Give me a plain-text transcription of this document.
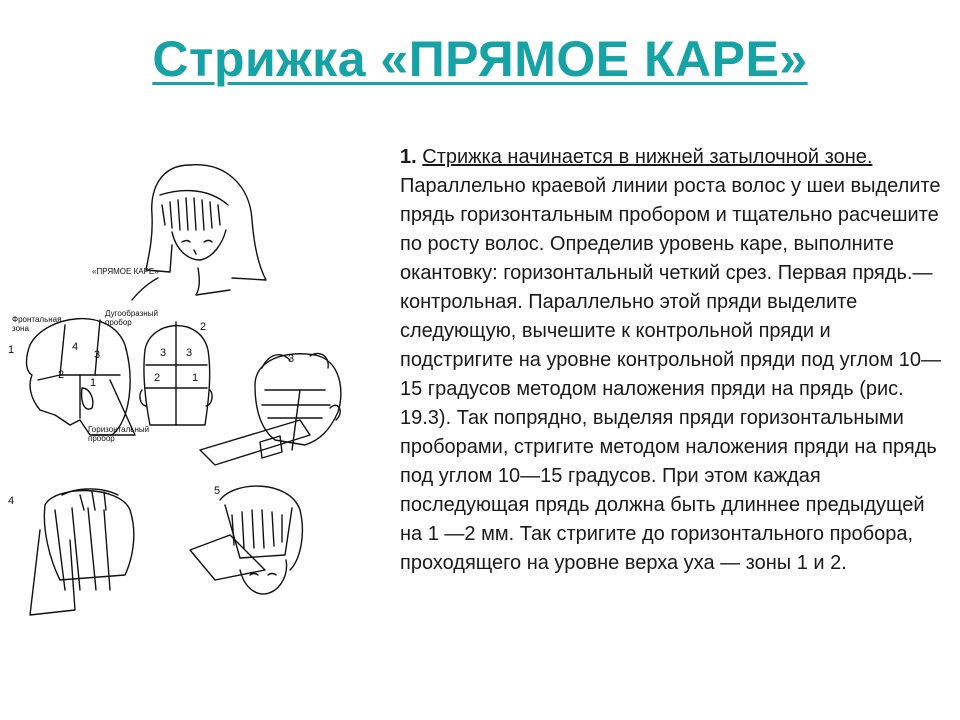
Стрижка «ПРЯМОЕ КАРЕ»
«ПРЯМОЕ КАРЕ»
1	4
3
2
1
Фронтальная
зона
Дугообразный
пробор
Горизонтальный
пробор
2
3 3
2	1
3
4
5
1. Стрижка начинается в нижней затылочной зоне. Параллельно краевой линии роста волос у шеи выделите прядь горизонтальным пробором и тщательно расчешите по росту волос. Определив уровень каре, выполните окантовку: горизонтальный четкий срез. Первая прядь.— контрольная. Параллельно этой пряди выделите следующую, вычешите к контрольной пряди и подстригите на уровне контрольной пряди под углом 10—15 градусов методом наложения пряди на прядь (рис. 19.3). Так попрядно, выделяя пряди горизонтальными проборами, стригите методом наложения пряди на прядь под углом 10—15 градусов. При этом каждая последующая прядь должна быть длиннее предыдущей на 1 —2 мм. Так стригите до горизонтального пробора, проходящего на уровне верха уха — зоны 1 и 2.
